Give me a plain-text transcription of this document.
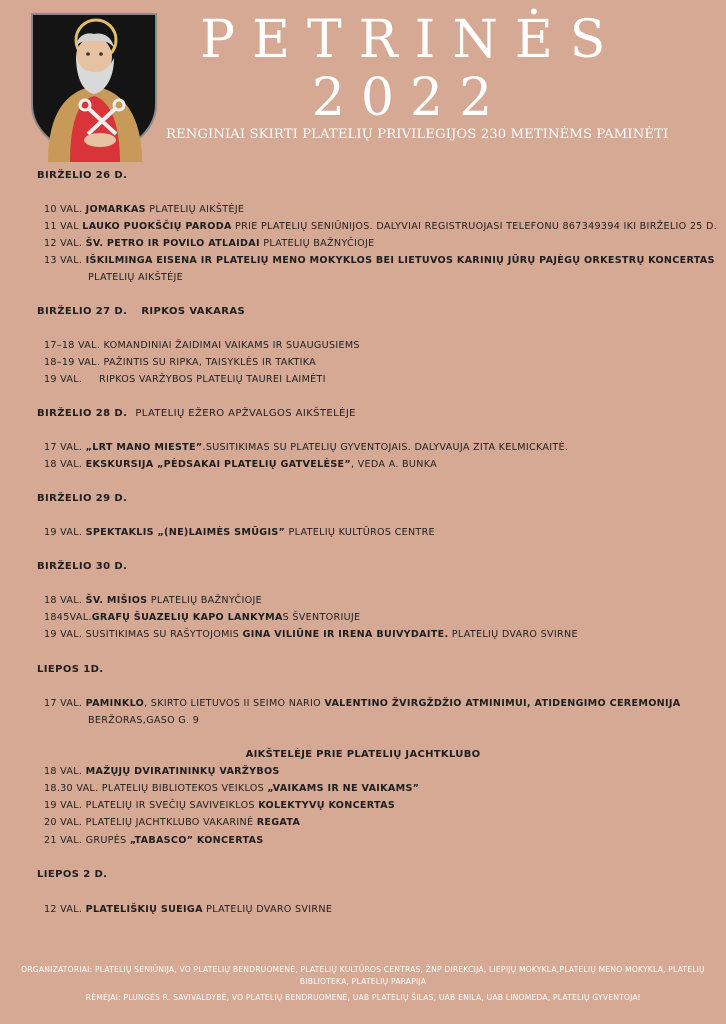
PETRINĖS
2022
RENGINIAI SKIRTI PLATELIŲ PRIVILEGIJOS 230 METINĖMS PAMINĖTI
BIRŽELIO 26 D.
10 VAL. JOMARKAS PLATELIŲ AIKŠTĖJE
11 VAL LAUKO PUOKŠČIŲ PARODA PRIE PLATELIŲ SENIŪNIJOS. DALYVIAI REGISTRUOJASI TELEFONU 867349394 IKI BIRŽELIO 25 D.
12 VAL. ŠV. PETRO IR POVILO ATLAIDAI PLATELIŲ BAŽNYČIOJE
13 VAL. IŠKILMINGA EISENA IR PLATELIŲ MENO MOKYKLOS BEI LIETUVOS KARINIŲ JŪRŲ PAJĖGŲ ORKESTRŲ KONCERTAS
PLATELIŲ AIKŠTĖJE
BIRŽELIO 27 D. RIPKOS VAKARAS
17–18 VAL. KOMANDINIAI ŽAIDIMAI VAIKAMS IR SUAUGUSIEMS
18–19 VAL. PAŽINTIS SU RIPKA, TAISYKLĖS IR TAKTIKA
19 VAL. RIPKOS VARŽYBOS PLATELIŲ TAUREI LAIMĖTI
BIRŽELIO 28 D. PLATELIŲ EŽERO APŽVALGOS AIKŠTELĖJE
17 VAL. „LRT MANO MIESTE”.SUSITIKIMAS SU PLATELIŲ GYVENTOJAIS. DALYVAUJA ZITA KELMICKAITĖ.
18 VAL. EKSKURSIJA „PĖDSAKAI PLATELIŲ GATVELĖSE”, VEDA A. BUNKA
BIRŽELIO 29 D.
19 VAL. SPEKTAKLIS „(NE)LAIMĖS SMŪGIS” PLATELIŲ KULTŪROS CENTRE
BIRŽELIO 30 D.
18 VAL. ŠV. MIŠIOS PLATELIŲ BAŽNYČIOJE
1845VAL.GRAFŲ ŠUAZELIŲ KAPO LANKYMAS ŠVENTORIUJE
19 VAL. SUSITIKIMAS SU RAŠYTOJOMIS GINA VILIŪNE IR IRENA BUIVYDAITE. PLATELIŲ DVARO SVIRNE
LIEPOS 1D.
17 VAL. PAMINKLO, SKIRTO LIETUVOS II SEIMO NARIO VALENTINO ŽVIRGŽDŽIO ATMINIMUI, ATIDENGIMO CEREMONIJA
BERŽORAS,GASO G. 9
AIKŠTELĖJE PRIE PLATELIŲ JACHTKLUBO
18 VAL. MAŽŲJŲ DVIRATININKŲ VARŽYBOS
18.30 VAL. PLATELIŲ BIBLIOTEKOS VEIKLOS „VAIKAMS IR NE VAIKAMS”
19 VAL. PLATELIŲ IR SVEČIŲ SAVIVEIKLOS KOLEKTYVŲ KONCERTAS
20 VAL. PLATELIŲ JACHTKLUBO VAKARINĖ REGATA
21 VAL. GRUPĖS „TABASCO” KONCERTAS
LIEPOS 2 D.
12 VAL. PLATELIŠKIŲ SUEIGA PLATELIŲ DVARO SVIRNE
ORGANIZATORIAI: PLATELIŲ SENIŪNIJA, VO PLATELIŲ BENDRUOMENĖ, PLATELIŲ KULTŪROS CENTRAS, ŽNP DIREKCIJA, LIEPIJŲ MOKYKLA,PLATELIŲ MENO MOKYKLA, PLATELIŲ BIBLIOTEKA, PLATELIŲ PARAPIJA
RĖMĖJAI: PLUNGĖS R. SAVIVALDYBĖ, VO PLATELIŲ BENDRUOMENĖ, UAB PLATELIŲ ŠILAS, UAB ENILA, UAB LINOMEDA, PLATELIŲ GYVENTOJAI
